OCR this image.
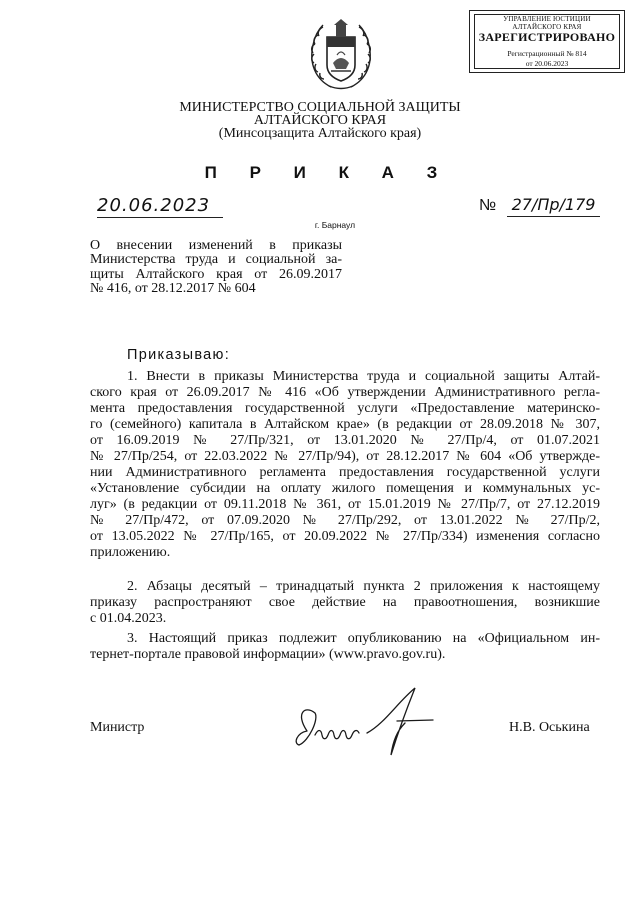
УПРАВЛЕНИЕ ЮСТИЦИИ
АЛТАЙСКОГО КРАЯ
ЗАРЕГИСТРИРОВАНО
Регистрационный № 814
от 20.06.2023
МИНИСТЕРСТВО СОЦИАЛЬНОЙ ЗАЩИТЫ
АЛТАЙСКОГО КРАЯ
(Минсоцзащита Алтайского края)
П Р И К А З
20.06.2023	№ 27/Пр/179
г. Барнаул
О внесении изменений в приказы
Министерства труда и социальной за-
щиты Алтайского края от 26.09.2017
№ 416, от 28.12.2017 № 604
Приказываю:
1. Внести в приказы Министерства труда и социальной защиты Алтай-
ского края от 26.09.2017 № 416 «Об утверждении Административного регла-
мента предоставления государственной услуги «Предоставление материнско-
го (семейного) капитала в Алтайском крае» (в редакции от 28.09.2018 № 307,
от 16.09.2019 № 27/Пр/321, от 13.01.2020 № 27/Пр/4, от 01.07.2021
№ 27/Пр/254, от 22.03.2022 № 27/Пр/94), от 28.12.2017 № 604 «Об утвержде-
нии Административного регламента предоставления государственной услуги
«Установление субсидии на оплату жилого помещения и коммунальных ус-
луг» (в редакции от 09.11.2018 № 361, от 15.01.2019 № 27/Пр/7, от 27.12.2019
№ 27/Пр/472, от 07.09.2020 № 27/Пр/292, от 13.01.2022 № 27/Пр/2,
от 13.05.2022 № 27/Пр/165, от 20.09.2022 № 27/Пр/334) изменения согласно
приложению.
2. Абзацы десятый – тринадцатый пункта 2 приложения к настоящему
приказу распространяют свое действие на правоотношения, возникшие
с 01.04.2023.
3. Настоящий приказ подлежит опубликованию на «Официальном ин-
тернет-портале правовой информации» (www.pravo.gov.ru).
Министр	Н.В. Оськина
